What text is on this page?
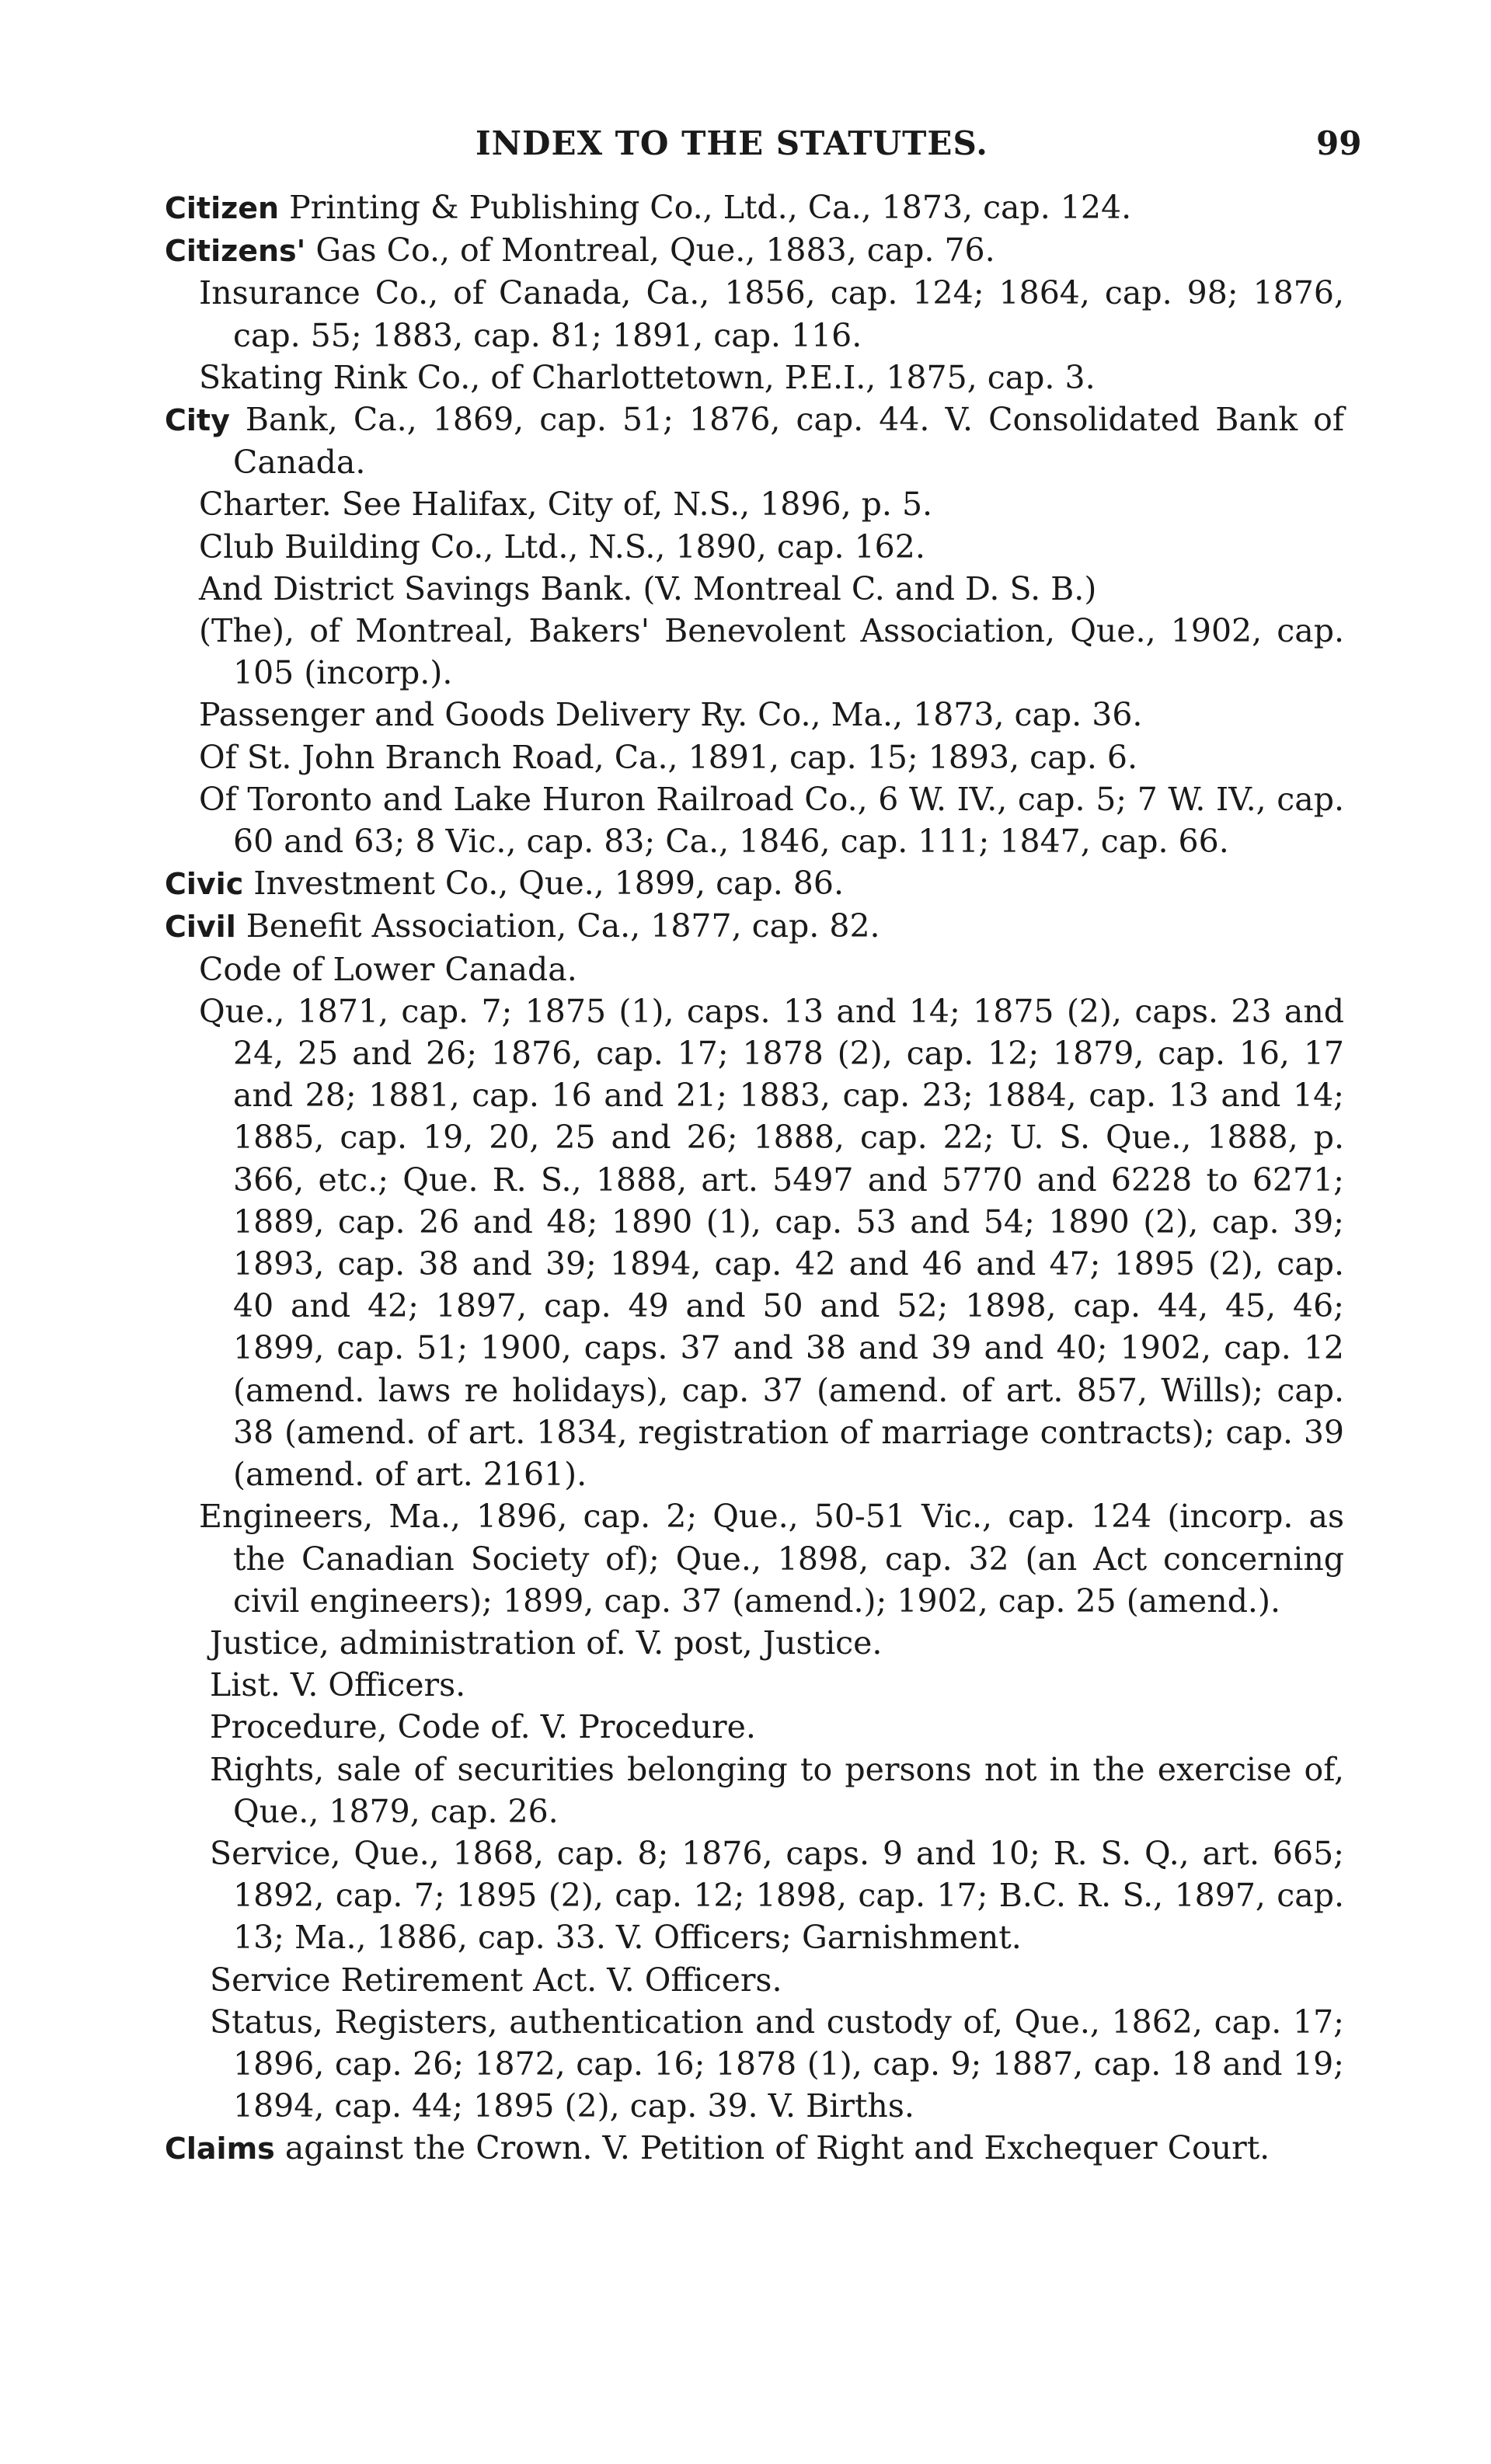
INDEX TO THE STATUTES.	99

Citizen Printing & Publishing Co., Ltd., Ca., 1873, cap. 124.

Citizens' Gas Co., of Montreal, Que., 1883, cap. 76.

Insurance Co., of Canada, Ca., 1856, cap. 124; 1864, cap. 98; 1876, cap. 55; 1883, cap. 81; 1891, cap. 116.

Skating Rink Co., of Charlottetown, P.E.I., 1875, cap. 3.

City Bank, Ca., 1869, cap. 51; 1876, cap. 44. V. Consolidated Bank of Canada.

Charter. See Halifax, City of, N.S., 1896, p. 5.

Club Building Co., Ltd., N.S., 1890, cap. 162.

And District Savings Bank. (V. Montreal C. and D. S. B.)

(The), of Montreal, Bakers' Benevolent Association, Que., 1902, cap. 105 (incorp.).

Passenger and Goods Delivery Ry. Co., Ma., 1873, cap. 36.

Of St. John Branch Road, Ca., 1891, cap. 15; 1893, cap. 6.

Of Toronto and Lake Huron Railroad Co., 6 W. IV., cap. 5; 7 W. IV., cap. 60 and 63; 8 Vic., cap. 83; Ca., 1846, cap. 111; 1847, cap. 66.

Civic Investment Co., Que., 1899, cap. 86.

Civil Benefit Association, Ca., 1877, cap. 82.

Code of Lower Canada.

Que., 1871, cap. 7; 1875 (1), caps. 13 and 14; 1875 (2), caps. 23 and 24, 25 and 26; 1876, cap. 17; 1878 (2), cap. 12; 1879, cap. 16, 17 and 28; 1881, cap. 16 and 21; 1883, cap. 23; 1884, cap. 13 and 14; 1885, cap. 19, 20, 25 and 26; 1888, cap. 22; U. S. Que., 1888, p. 366, etc.; Que. R. S., 1888, art. 5497 and 5770 and 6228 to 6271; 1889, cap. 26 and 48; 1890 (1), cap. 53 and 54; 1890 (2), cap. 39; 1893, cap. 38 and 39; 1894, cap. 42 and 46 and 47; 1895 (2), cap. 40 and 42; 1897, cap. 49 and 50 and 52; 1898, cap. 44, 45, 46; 1899, cap. 51; 1900, caps. 37 and 38 and 39 and 40; 1902, cap. 12 (amend. laws re holidays), cap. 37 (amend. of art. 857, Wills); cap. 38 (amend. of art. 1834, registration of marriage contracts); cap. 39 (amend. of art. 2161).

Engineers, Ma., 1896, cap. 2; Que., 50-51 Vic., cap. 124 (incorp. as the Canadian Society of); Que., 1898, cap. 32 (an Act concerning civil engineers); 1899, cap. 37 (amend.); 1902, cap. 25 (amend.).

Justice, administration of. V. post, Justice.

List. V. Officers.

Procedure, Code of. V. Procedure.

Rights, sale of securities belonging to persons not in the exercise of, Que., 1879, cap. 26.

Service, Que., 1868, cap. 8; 1876, caps. 9 and 10; R. S. Q., art. 665; 1892, cap. 7; 1895 (2), cap. 12; 1898, cap. 17; B.C. R. S., 1897, cap. 13; Ma., 1886, cap. 33. V. Officers; Garnishment.

Service Retirement Act. V. Officers.

Status, Registers, authentication and custody of, Que., 1862, cap. 17; 1896, cap. 26; 1872, cap. 16; 1878 (1), cap. 9; 1887, cap. 18 and 19; 1894, cap. 44; 1895 (2), cap. 39. V. Births.

Claims against the Crown. V. Petition of Right and Exchequer Court.
